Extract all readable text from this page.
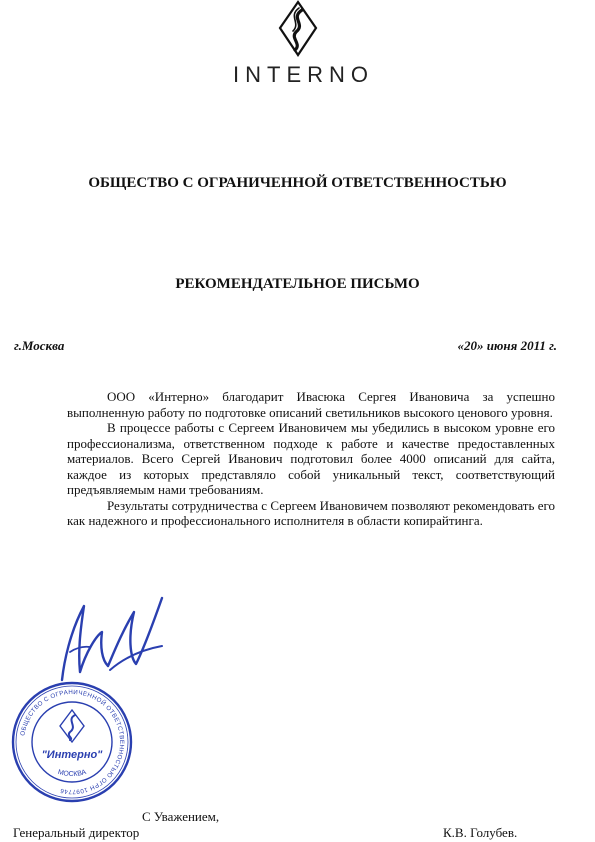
INTERNO
ОБЩЕСТВО С ОГРАНИЧЕННОЙ ОТВЕТСТВЕННОСТЬЮ
РЕКОМЕНДАТЕЛЬНОЕ ПИСЬМО
г.Москва	«20» июня 2011 г.

ООО «Интерно» благодарит Ивасюка Сергея Ивановича за успешно выполненную работу по подготовке описаний светильников высокого ценового уровня.

В процессе работы с Сергеем Ивановичем мы убедились в высоком уровне его профессионализма, ответственном подходе к работе и качестве предоставленных материалов. Всего Сергей Иванович подготовил более 4000 описаний для сайта, каждое из которых представляло собой уникальный текст, соответствующий предъявляемым нами требованиям.

Результаты сотрудничества с Сергеем Ивановичем позволяют рекомендовать его как надежного и профессионального исполнителя в области копирайтинга.

ОБЩЕСТВО С ОГРАНИЧЕННОЙ ОТВЕТСТВЕННОСТЬЮ ОГРН 1097746
МОСКВА
"Интерно"
С Уважением,
Генеральный директор	К.В. Голубев.
